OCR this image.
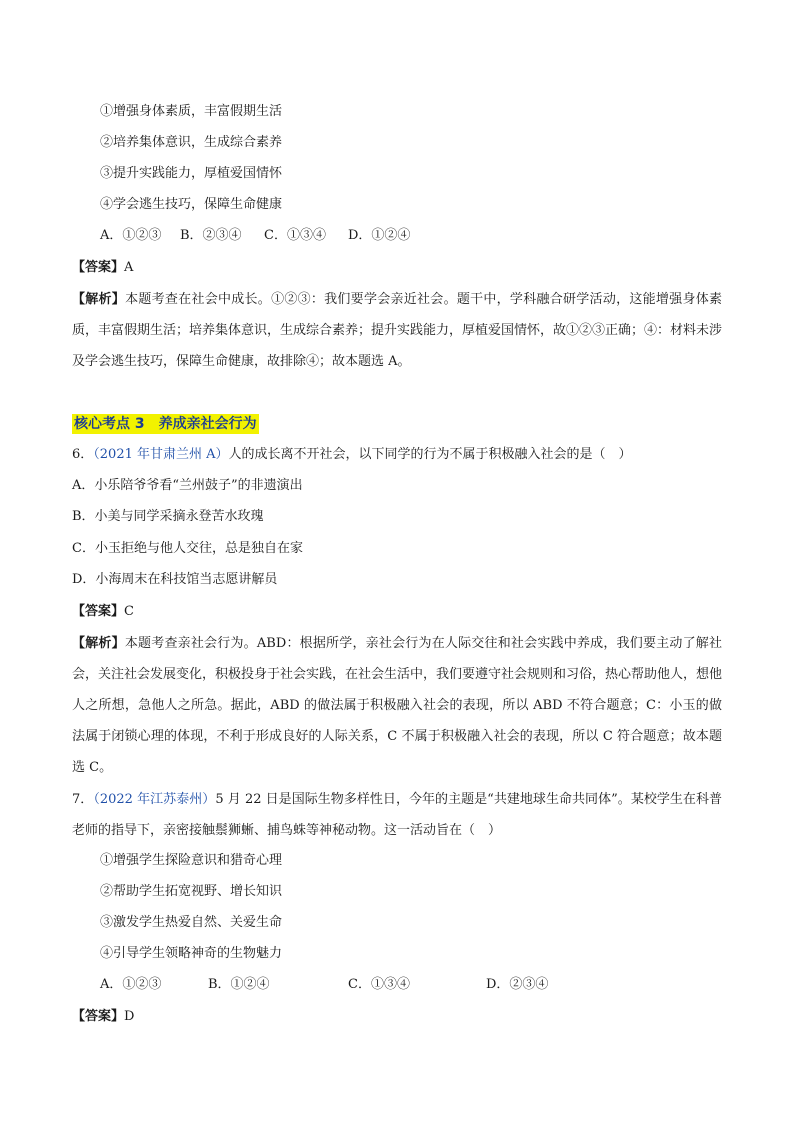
①增强身体素质，丰富假期生活
②培养集体意识，生成综合素养
③提升实践能力，厚植爱国情怀
④学会逃生技巧，保障生命健康
A．①②③ B．②③④ C．①③④ D．①②④
【答案】A
【解析】本题考查在社会中成长。①②③：我们要学会亲近社会。题干中，学科融合研学活动，这能增强身体素质，丰富假期生活；培养集体意识，生成综合素养；提升实践能力，厚植爱国情怀，故①②③正确；④：材料未涉及学会逃生技巧，保障生命健康，故排除④；故本题选 A。
核心考点 3　养成亲社会行为
6．（2021 年甘肃兰州 A）人的成长离不开社会，以下同学的行为不属于积极融入社会的是（　）
A．小乐陪爷爷看“兰州鼓子”的非遗演出
B．小美与同学采摘永登苦水玫瑰
C．小玉拒绝与他人交往，总是独自在家
D．小海周末在科技馆当志愿讲解员
【答案】C
【解析】本题考查亲社会行为。ABD：根据所学，亲社会行为在人际交往和社会实践中养成，我们要主动了解社会，关注社会发展变化，积极投身于社会实践，在社会生活中，我们要遵守社会规则和习俗，热心帮助他人，想他人之所想，急他人之所急。据此，ABD 的做法属于积极融入社会的表现，所以 ABD 不符合题意；C：小玉的做法属于闭锁心理的体现，不利于形成良好的人际关系，C 不属于积极融入社会的表现，所以 C 符合题意；故本题选 C。
7．（2022 年江苏泰州）5 月 22 日是国际生物多样性日，今年的主题是“共建地球生命共同体”。某校学生在科普老师的指导下，亲密接触鬃狮蜥、捕鸟蛛等神秘动物。这一活动旨在（　）
①增强学生探险意识和猎奇心理
②帮助学生拓宽视野、增长知识
③激发学生热爱自然、关爱生命
④引导学生领略神奇的生物魅力
A．①②③	B．①②④	C．①③④	D．②③④
【答案】D
